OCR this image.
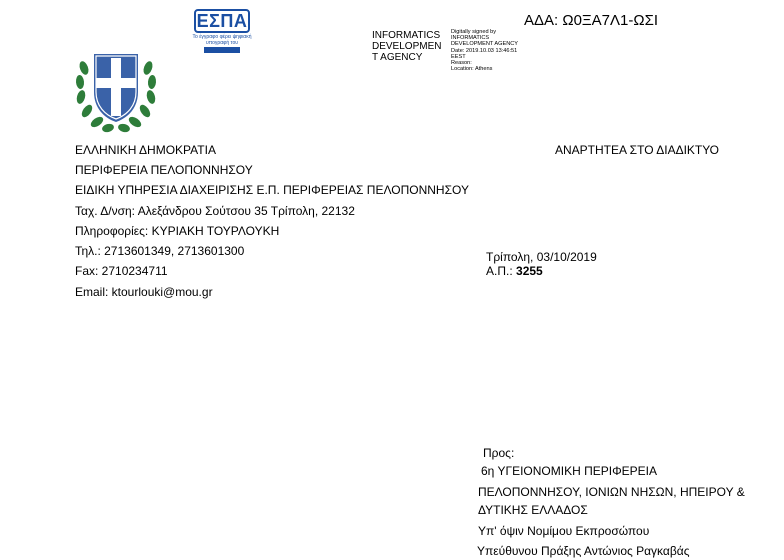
ΕΣΠΑ
Το έγγραφο φέρει ψηφιακή υπογραφή του
INFORMATICS
DEVELOPMEN
T AGENCY
Digitally signed by
INFORMATICS
DEVELOPMENT AGENCY
Date: 2019.10.03 13:46:51
EEST
Reason:
Location: Athens
ΑΔΑ: Ω0ΞΑ7Λ1-ΩΣΙ
ΕΛΛΗΝΙΚΗ ΔΗΜΟΚΡΑΤΙΑ
ΠΕΡΙΦΕΡΕΙΑ ΠΕΛΟΠΟΝΝΗΣΟΥ
ΕΙΔΙΚΗ ΥΠΗΡΕΣΙΑ ΔΙΑΧΕΙΡΙΣΗΣ Ε.Π. ΠΕΡΙΦΕΡΕΙΑΣ ΠΕΛΟΠΟΝΝΗΣΟΥ
Ταχ. Δ/νση: Αλεξάνδρου Σούτσου 35 Τρίπολη, 22132
Πληροφορίες: ΚΥΡΙΑΚΗ ΤΟΥΡΛΟΥΚΗ
Τηλ.: 2713601349, 2713601300
Fax: 2710234711
Email: ktourlouki@mou.gr
ΑΝΑΡΤΗΤΕΑ ΣΤΟ ΔΙΑΔΙΚΤΥΟ
Τρίπολη, 03/10/2019
Α.Π.: 3255
Προς:
6η ΥΓΕΙΟΝΟΜΙΚΗ ΠΕΡΙΦΕΡΕΙΑ
ΠΕΛΟΠΟΝΝΗΣΟΥ, ΙΟΝΙΩΝ ΝΗΣΩΝ, ΗΠΕΙΡΟΥ &
ΔΥΤΙΚΗΣ ΕΛΛΑΔΟΣ
Υπ' όψιν Νομίμου Εκπροσώπου
Υπεύθυνου Πράξης Αντώνιος Ραγκαβάς
